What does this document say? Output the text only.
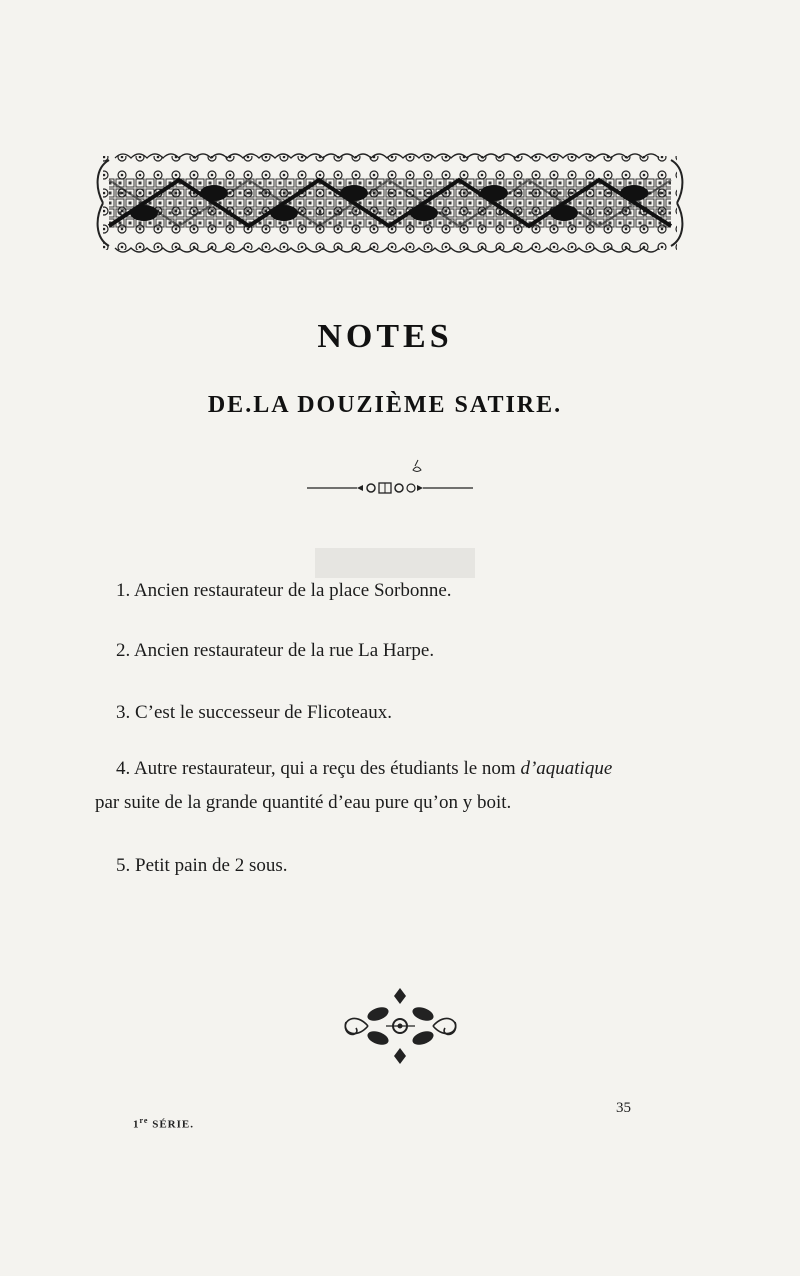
NOTES
DE.LA DOUZIÈME SATIRE.
1. Ancien restaurateur de la place Sorbonne.
2. Ancien restaurateur de la rue La Harpe.
3. C’est le successeur de Flicoteaux.
4. Autre restaurateur, qui a reçu des étudiants le nom d’aquatique
par suite de la grande quantité d’eau pure qu’on y boit.
5. Petit pain de 2 sous.
1re SÉRIE.
35
